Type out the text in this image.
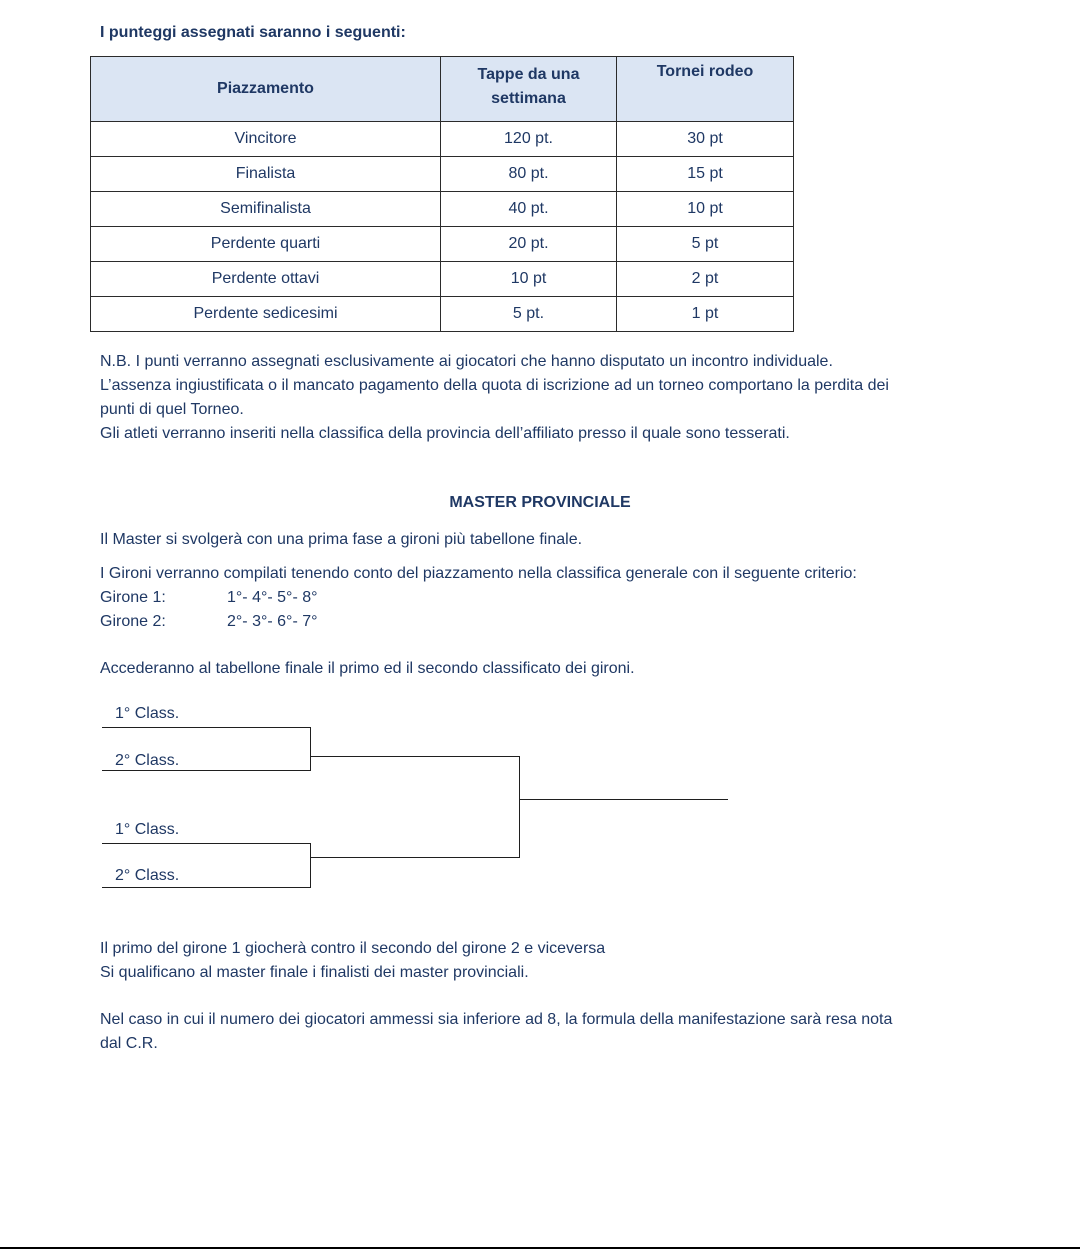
I punteggi assegnati saranno i seguenti:
Piazzamento	Tappe da una settimana	Tornei rodeo
Vincitore	120 pt.	30 pt
Finalista	80 pt.	15 pt
Semifinalista	40 pt.	10 pt
Perdente quarti	20 pt.	5 pt
Perdente ottavi	10 pt	2 pt
Perdente sedicesimi	5 pt.	1 pt
N.B. I punti verranno assegnati esclusivamente ai giocatori che hanno disputato un incontro individuale.
L’assenza ingiustificata o il mancato pagamento della quota di iscrizione ad un torneo comportano la perdita dei
punti di quel Torneo.
Gli atleti verranno inseriti nella classifica della provincia dell’affiliato presso il quale sono tesserati.
MASTER PROVINCIALE
Il Master si svolgerà con una prima fase a gironi più tabellone finale.
I Gironi verranno compilati tenendo conto del piazzamento nella classifica generale con il seguente criterio:
Girone 1:	1°- 4°- 5°- 8°
Girone 2:	2°- 3°- 6°- 7°
Accederanno al tabellone finale il primo ed il secondo classificato dei gironi.
1° Class.
2° Class.
1° Class.
2° Class.
Il primo del girone 1 giocherà contro il secondo del girone 2 e viceversa
Si qualificano al master finale i finalisti dei master provinciali.
Nel caso in cui il numero dei giocatori ammessi sia inferiore ad 8, la formula della manifestazione sarà resa nota
dal C.R.
